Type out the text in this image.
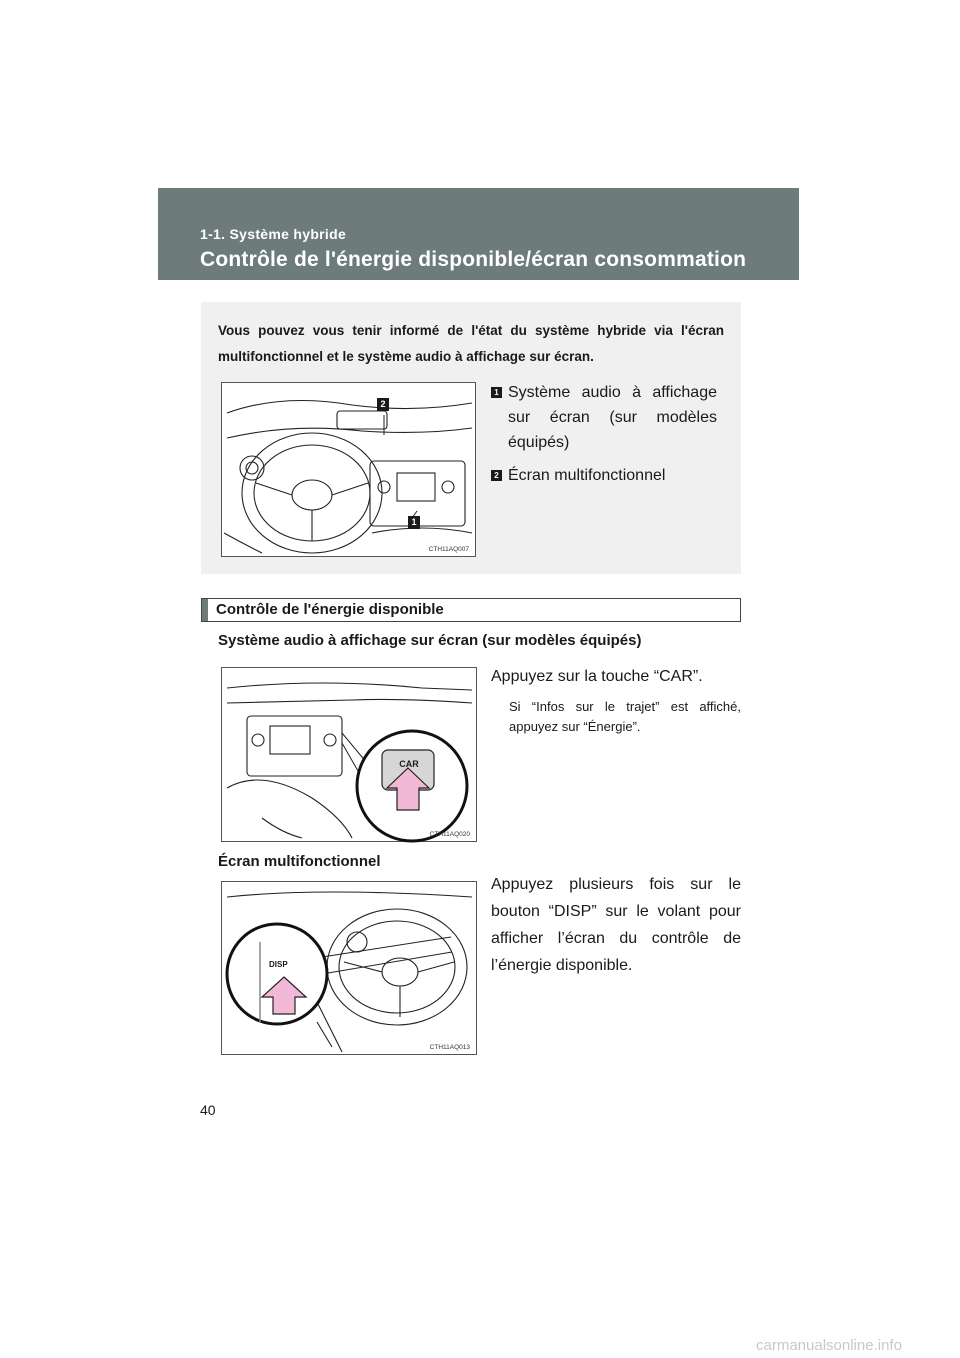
1-1. Système hybride
Contrôle de l'énergie disponible/écran consommation
Vous pouvez vous tenir informé de l'état du système hybride via l'écran multifonctionnel et le système audio à affichage sur écran.
2
1
CTH11AQ007
1 Système audio à affichage sur écran (sur modèles équipés)
2 Écran multifonctionnel
Contrôle de l'énergie disponible
Système audio à affichage sur écran (sur modèles équipés)
CAR
CTH11AQ020
Appuyez sur la touche “CAR”.
Si “Infos sur le trajet” est affiché, appuyez sur “Énergie”.
Écran multifonctionnel
DISP
CTH11AQ013
Appuyez plusieurs fois sur le bouton “DISP” sur le volant pour afficher l’écran du contrôle de l’énergie disponible.
40
carmanualsonline.info
